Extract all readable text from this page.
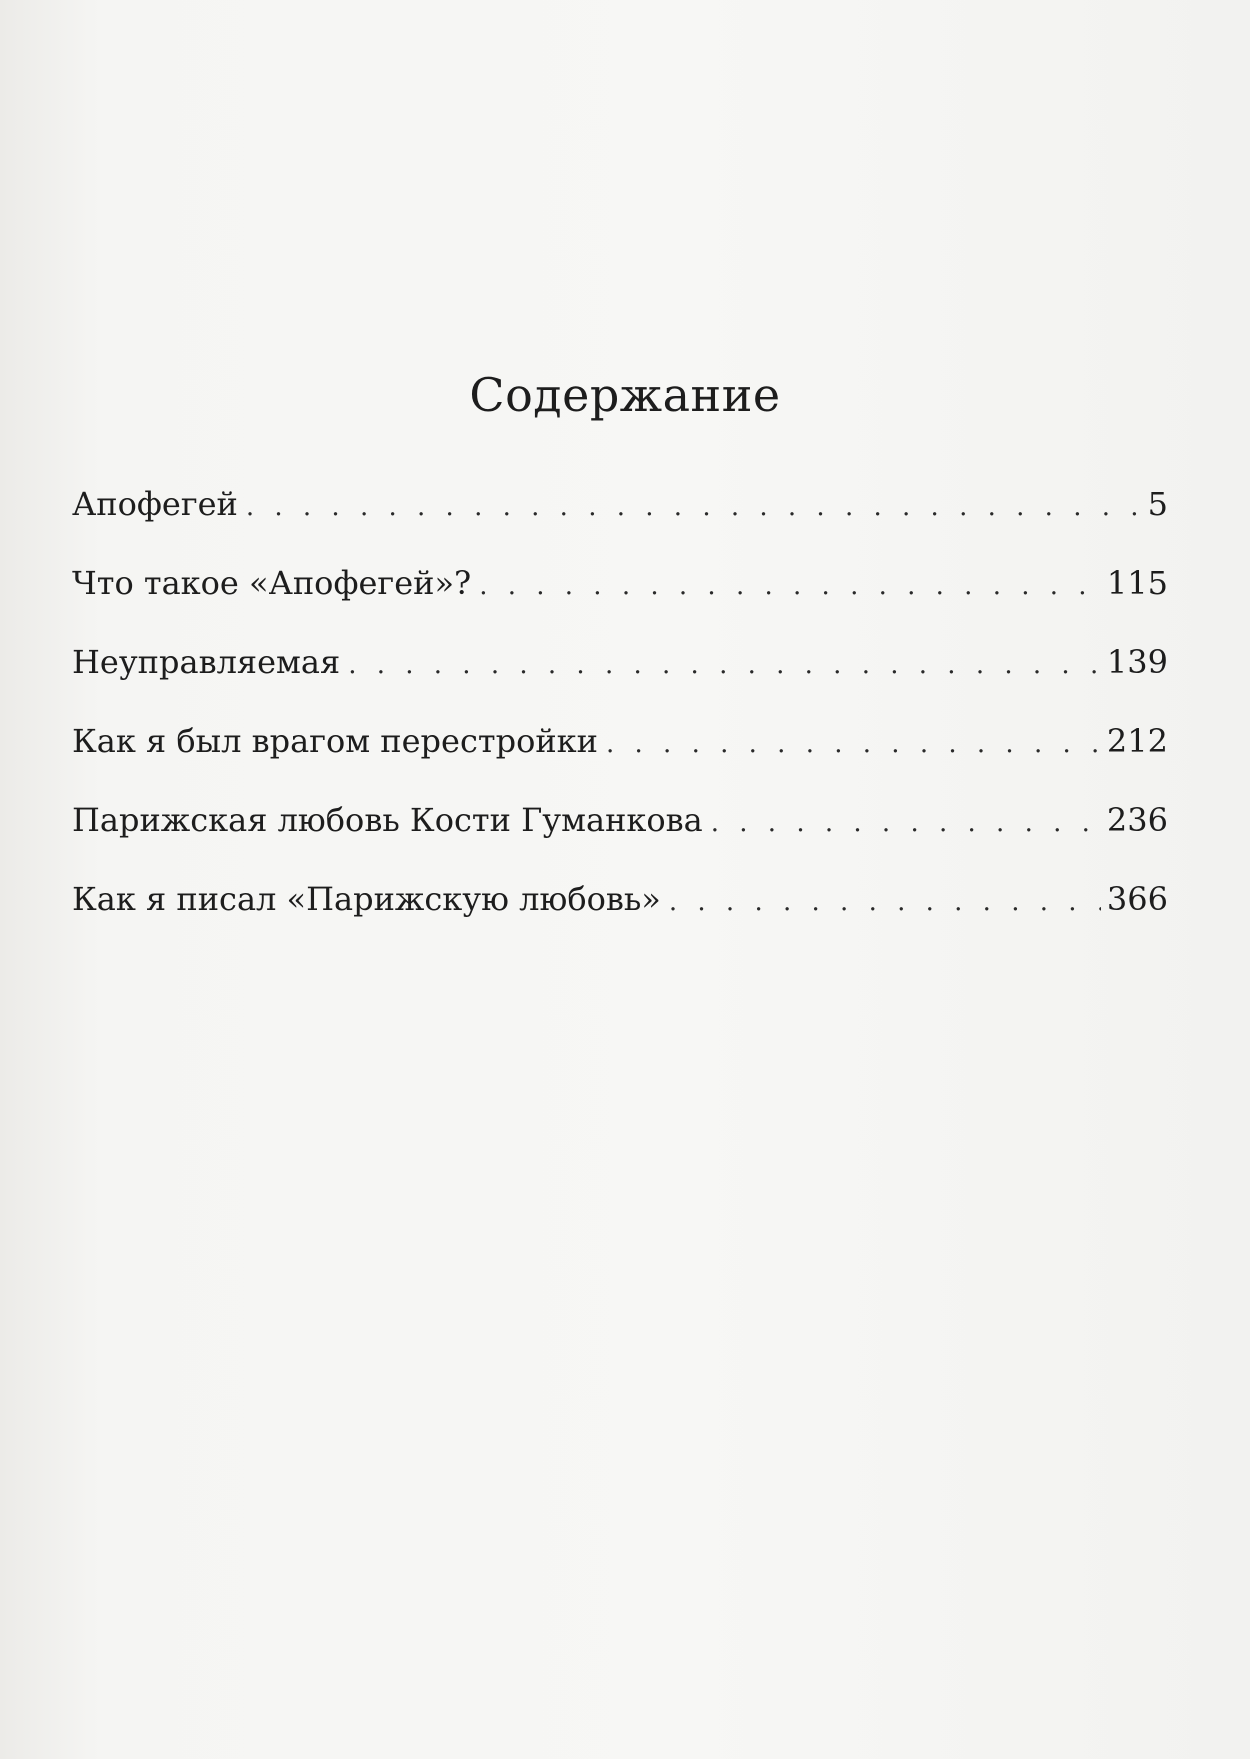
Содержание
Апофегей . . .	5
Что такое «Апофегей»? . . .	115
Неуправляемая . . .	139
Как я был врагом перестройки . . .	212
Парижская любовь Кости Гуманкова . . .	236
Как я писал «Парижскую любовь» . . .	366
